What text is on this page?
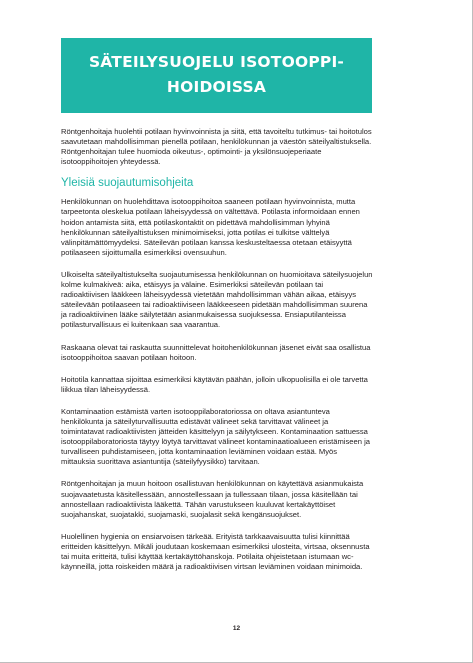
SÄTEILYSUOJELU ISOTOOPPI-
HOIDOISSA

Röntgenhoitaja huolehtii potilaan hyvinvoinnista ja siitä, että tavoiteltu tutkimus- tai hoitotulos saavutetaan mahdollisimman pienellä potilaan, henkilökunnan ja väestön säteilyaltistuksella. Röntgenhoitajan tulee huomioda oikeutus-, optimointi- ja yksilönsuojeperiaate isotooppihoitojen yhteydessä.

Yleisiä suojautumisohjeita

Henkilökunnan on huolehdittava isotooppihoitoa saaneen potilaan hyvinvoinnista, mutta tarpeetonta oleskelua potilaan läheisyydessä on vältettävä. Potilasta informoidaan ennen hoidon antamista siitä, että potilaskontaktit on pidettävä mahdollisimman lyhyinä henkilökunnan säteilyaltistuksen minimoimiseksi, jotta potilas ei tulkitse välttelyä välinpitämättömyydeksi. Säteilevän potilaan kanssa keskusteltaessa otetaan etäisyyttä potilaaseen sijoittumalla esimerkiksi ovensuuhun.

Ulkoiselta säteilyaltistukselta suojautumisessa henkilökunnan on huomioitava säteilysuojelun kolme kulmakiveä: aika, etäisyys ja välaine. Esimerkiksi säteilevän potilaan tai radioaktiivisen lääkkeen läheisyydessä vietetään mahdollisimman vähän aikaa, etäisyys säteilevään potilaaseen tai radioaktiiviseen lääkkeeseen pidetään mahdollisimman suurena ja radioaktiivinen lääke säilytetään asianmukaisessa suojuksessa. Ensiaputilanteissa potilasturvallisuus ei kuitenkaan saa vaarantua.

Raskaana olevat tai raskautta suunnittelevat hoitohenkilökunnan jäsenet eivät saa osallistua isotooppihoitoa saavan potilaan hoitoon.

Hoitotila kannattaa sijoittaa esimerkiksi käytävän päähän, jolloin ulkopuolisilla ei ole tarvetta liikkua tilan läheisyydessä.

Kontaminaation estämistä varten isotooppilaboratoriossa on oltava asiantunteva henkilökunta ja säteilyturvallisuutta edistävät välineet sekä tarvittavat välineet ja toimintatavat radioaktiivisten jätteiden käsittelyyn ja säilytykseen. Kontaminaation sattuessa isotooppilaboratoriosta täytyy löytyä tarvittavat välineet kontaminaatioalueen eristämiseen ja turvalliseen puhdistamiseen, jotta kontaminaation leviäminen voidaan estää. Myös mittauksia suorittava asiantuntija (säteilyfyysikko) tarvitaan.

Röntgenhoitajan ja muun hoitoon osallistuvan henkilökunnan on käytettävä asianmukaista suojavaatetusta käsitellessään, annostellessaan ja tullessaan tilaan, jossa käsitellään tai annostellaan radioaktiivista lääkettä. Tähän varustukseen kuuluvat kertakäyttöiset suojahanskat, suojatakki, suojamaski, suojalasit sekä kengänsuojukset.

Huolellinen hygienia on ensiarvoisen tärkeää. Erityistä tarkkaavaisuutta tulisi kiinnittää eritteiden käsittelyyn. Mikäli joudutaan koskemaan esimerkiksi ulosteita, virtsaa, oksennusta tai muita eritteitä, tulisi käyttää kertakäyttöhanskoja. Potilaita ohjeistetaan istumaan wc-käynneillä, jotta roiskeiden määrä ja radioaktiivisen virtsan leviäminen voidaan minimoida.

12
